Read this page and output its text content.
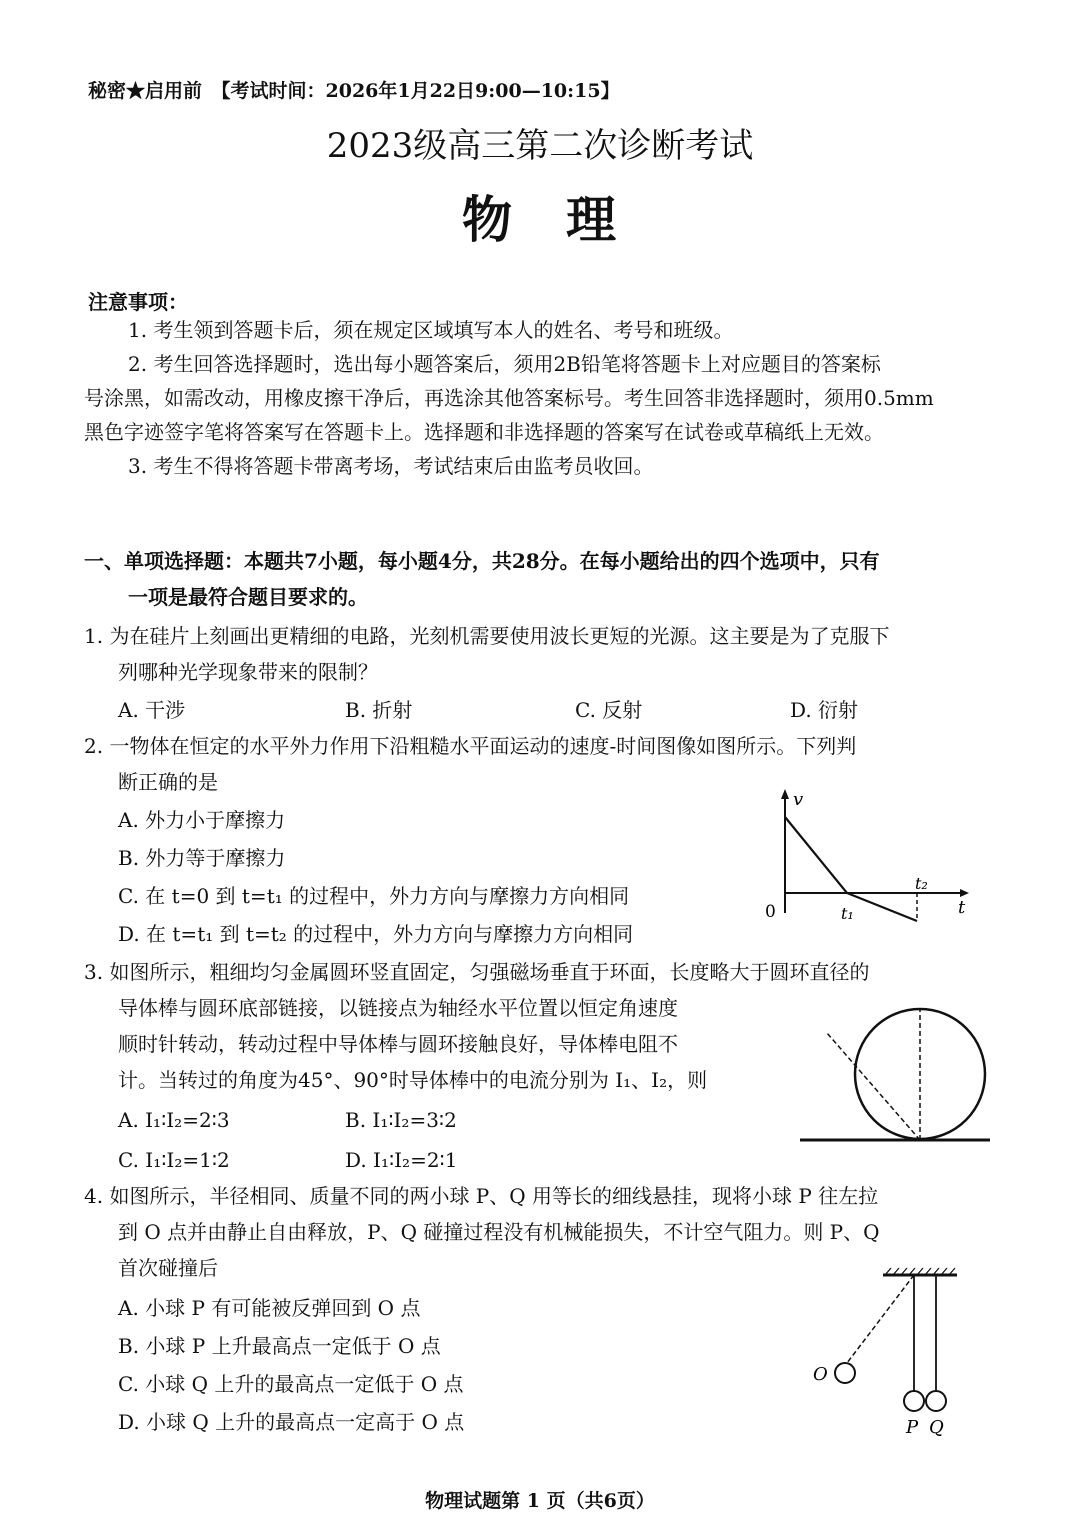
秘密★启用前　【考试时间：2026年1月22日9:00—10:15】
2023级高三第二次诊断考试
物　理
注意事项：
1. 考生领到答题卡后，须在规定区域填写本人的姓名、考号和班级。
2. 考生回答选择题时，选出每小题答案后，须用2B铅笔将答题卡上对应题目的答案标
号涂黑，如需改动，用橡皮擦干净后，再选涂其他答案标号。考生回答非选择题时，须用0.5mm
黑色字迹签字笔将答案写在答题卡上。选择题和非选择题的答案写在试卷或草稿纸上无效。
3. 考生不得将答题卡带离考场，考试结束后由监考员收回。
一、单项选择题：本题共7小题，每小题4分，共28分。在每小题给出的四个选项中，只有
一项是最符合题目要求的。
1. 为在硅片上刻画出更精细的电路，光刻机需要使用波长更短的光源。这主要是为了克服下
列哪种光学现象带来的限制？
A. 干涉	B. 折射	C. 反射	D. 衍射
2. 一物体在恒定的水平外力作用下沿粗糙水平面运动的速度-时间图像如图所示。下列判
断正确的是
A. 外力小于摩擦力
B. 外力等于摩擦力
C. 在 t=0 到 t=t₁ 的过程中，外力方向与摩擦力方向相同
D. 在 t=t₁ 到 t=t₂ 的过程中，外力方向与摩擦力方向相同
v
t
0	t₁
t₂
3. 如图所示，粗细均匀金属圆环竖直固定，匀强磁场垂直于环面，长度略大于圆环直径的
导体棒与圆环底部链接，以链接点为轴经水平位置以恒定角速度
顺时针转动，转动过程中导体棒与圆环接触良好，导体棒电阻不
计。当转过的角度为45°、90°时导体棒中的电流分别为 I₁、I₂，则
A. I₁∶I₂=2∶3	B. I₁∶I₂=3∶2
C. I₁∶I₂=1∶2	D. I₁∶I₂=2∶1
4. 如图所示，半径相同、质量不同的两小球 P、Q 用等长的细线悬挂，现将小球 P 往左拉
到 O 点并由静止自由释放，P、Q 碰撞过程没有机械能损失，不计空气阻力。则 P、Q
首次碰撞后
A. 小球 P 有可能被反弹回到 O 点
B. 小球 P 上升最高点一定低于 O 点
C. 小球 Q 上升的最高点一定低于 O 点
D. 小球 Q 上升的最高点一定高于 O 点
O
P Q
物理试题第 1 页（共6页）
